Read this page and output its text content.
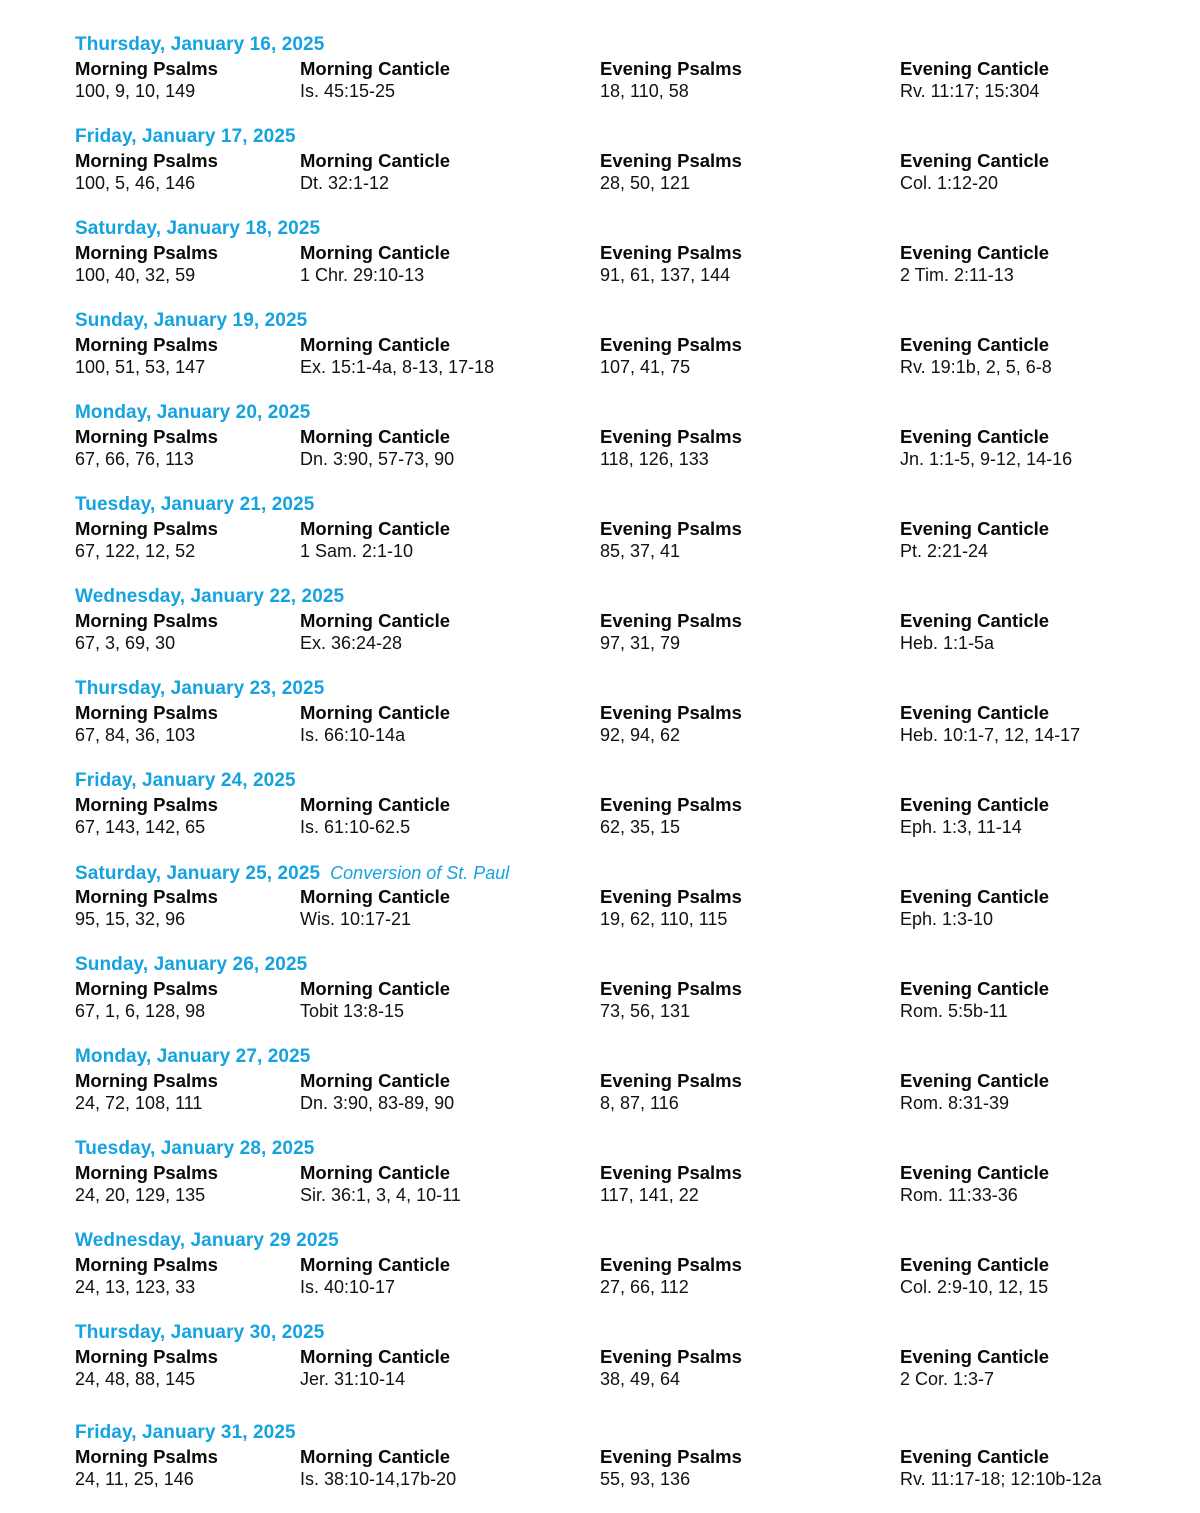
Thursday, January 16, 2025
Morning Psalms	Morning Canticle	Evening Psalms	Evening Canticle
100, 9, 10, 149	Is. 45:15-25	18, 110, 58	Rv. 11:17; 15:304
Friday, January 17, 2025
Morning Psalms	Morning Canticle	Evening Psalms	Evening Canticle
100, 5, 46, 146	Dt. 32:1-12	28, 50, 121	Col. 1:12-20
Saturday, January 18, 2025
Morning Psalms	Morning Canticle	Evening Psalms	Evening Canticle
100, 40, 32, 59	1 Chr. 29:10-13	91, 61, 137, 144	2 Tim. 2:11-13
Sunday, January 19, 2025
Morning Psalms	Morning Canticle	Evening Psalms	Evening Canticle
100, 51, 53, 147	Ex. 15:1-4a, 8-13, 17-18	107, 41, 75	Rv. 19:1b, 2, 5, 6-8
Monday, January 20, 2025
Morning Psalms	Morning Canticle	Evening Psalms	Evening Canticle
67, 66, 76, 113	Dn. 3:90, 57-73, 90	118, 126, 133	Jn. 1:1-5, 9-12, 14-16
Tuesday, January 21, 2025
Morning Psalms	Morning Canticle	Evening Psalms	Evening Canticle
67, 122, 12, 52	1 Sam. 2:1-10	85, 37, 41	Pt. 2:21-24
Wednesday, January 22, 2025
Morning Psalms	Morning Canticle	Evening Psalms	Evening Canticle
67, 3, 69, 30	Ex. 36:24-28	97, 31, 79	Heb. 1:1-5a
Thursday, January 23, 2025
Morning Psalms	Morning Canticle	Evening Psalms	Evening Canticle
67, 84, 36, 103	Is. 66:10-14a	92, 94, 62	Heb. 10:1-7, 12, 14-17
Friday, January 24, 2025
Morning Psalms	Morning Canticle	Evening Psalms	Evening Canticle
67, 143, 142, 65	Is. 61:10-62.5	62, 35, 15	Eph. 1:3, 11-14
Saturday, January 25, 2025 Conversion of St. Paul
Morning Psalms	Morning Canticle	Evening Psalms	Evening Canticle
95, 15, 32, 96	Wis. 10:17-21	19, 62, 110, 115	Eph. 1:3-10
Sunday, January 26, 2025
Morning Psalms	Morning Canticle	Evening Psalms	Evening Canticle
67, 1, 6, 128, 98	Tobit 13:8-15	73, 56, 131	Rom. 5:5b-11
Monday, January 27, 2025
Morning Psalms	Morning Canticle	Evening Psalms	Evening Canticle
24, 72, 108, 111	Dn. 3:90, 83-89, 90	8, 87, 116	Rom. 8:31-39
Tuesday, January 28, 2025
Morning Psalms	Morning Canticle	Evening Psalms	Evening Canticle
24, 20, 129, 135	Sir. 36:1, 3, 4, 10-11	117, 141, 22	Rom. 11:33-36
Wednesday, January 29 2025
Morning Psalms	Morning Canticle	Evening Psalms	Evening Canticle
24, 13, 123, 33	Is. 40:10-17	27, 66, 112	Col. 2:9-10, 12, 15
Thursday, January 30, 2025
Morning Psalms	Morning Canticle	Evening Psalms	Evening Canticle
24, 48, 88, 145	Jer. 31:10-14	38, 49, 64	2 Cor. 1:3-7
Friday, January 31, 2025
Morning Psalms	Morning Canticle	Evening Psalms	Evening Canticle
24, 11, 25, 146	Is. 38:10-14,17b-20	55, 93, 136	Rv. 11:17-18; 12:10b-12a
